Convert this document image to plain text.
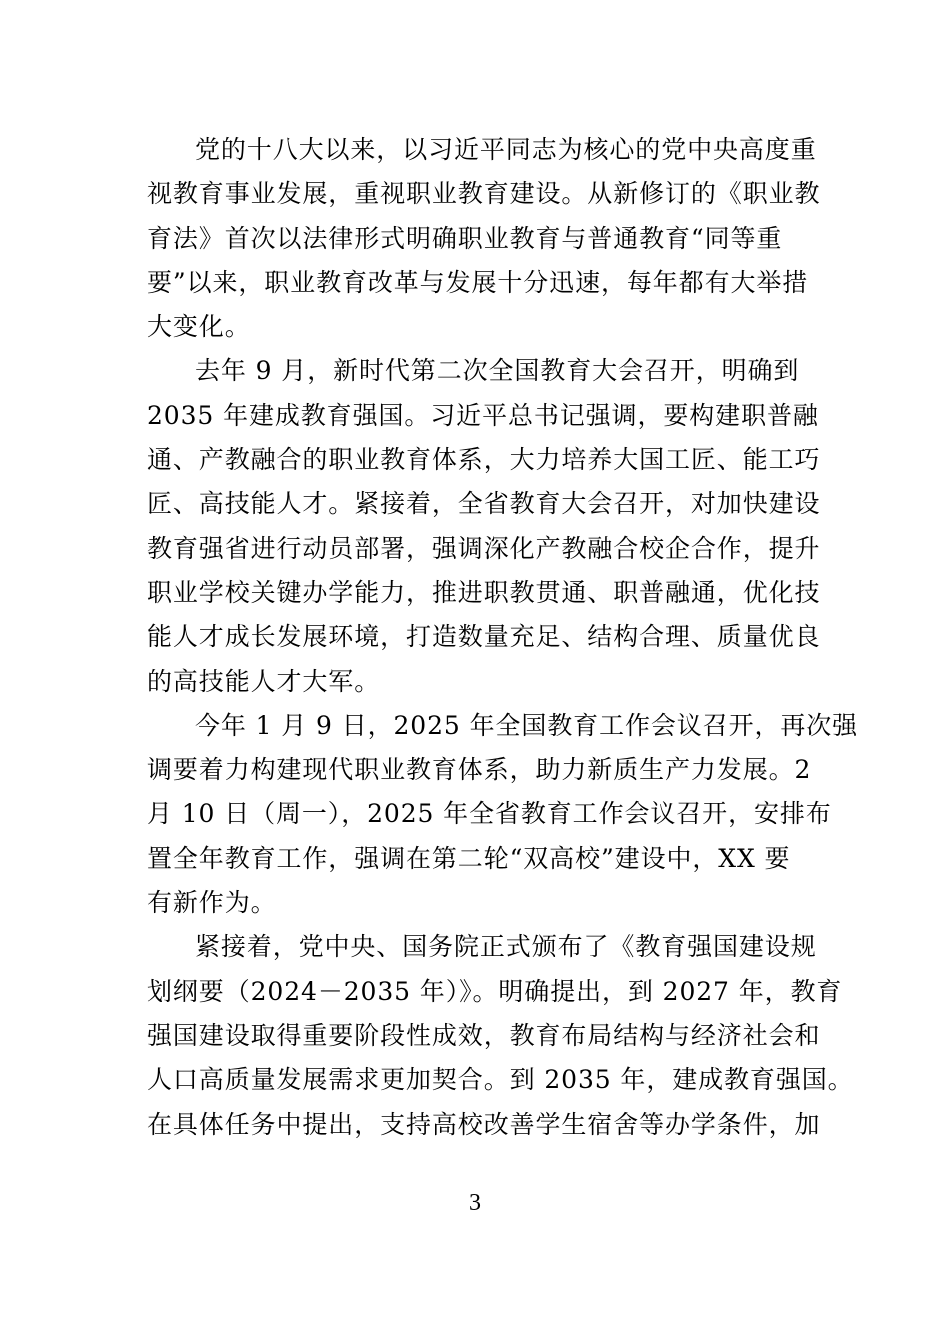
党的十八大以来，以习近平同志为核心的党中央高度重
视教育事业发展，重视职业教育建设。从新修订的《职业教
育法》首次以法律形式明确职业教育与普通教育“同等重
要”以来，职业教育改革与发展十分迅速，每年都有大举措
大变化。
去年 9 月，新时代第二次全国教育大会召开，明确到
2035 年建成教育强国。习近平总书记强调，要构建职普融
通、产教融合的职业教育体系，大力培养大国工匠、能工巧
匠、高技能人才。紧接着，全省教育大会召开，对加快建设
教育强省进行动员部署，强调深化产教融合校企合作，提升
职业学校关键办学能力，推进职教贯通、职普融通，优化技
能人才成长发展环境，打造数量充足、结构合理、质量优良
的高技能人才大军。
今年 1 月 9 日，2025 年全国教育工作会议召开，再次强
调要着力构建现代职业教育体系，助力新质生产力发展。2
月 10 日（周一），2025 年全省教育工作会议召开，安排布
置全年教育工作，强调在第二轮“双高校”建设中，XX 要
有新作为。
紧接着，党中央、国务院正式颁布了《教育强国建设规
划纲要（2024－2035 年）》。明确提出，到 2027 年，教育
强国建设取得重要阶段性成效，教育布局结构与经济社会和
人口高质量发展需求更加契合。到 2035 年，建成教育强国。
在具体任务中提出，支持高校改善学生宿舍等办学条件，加
3
